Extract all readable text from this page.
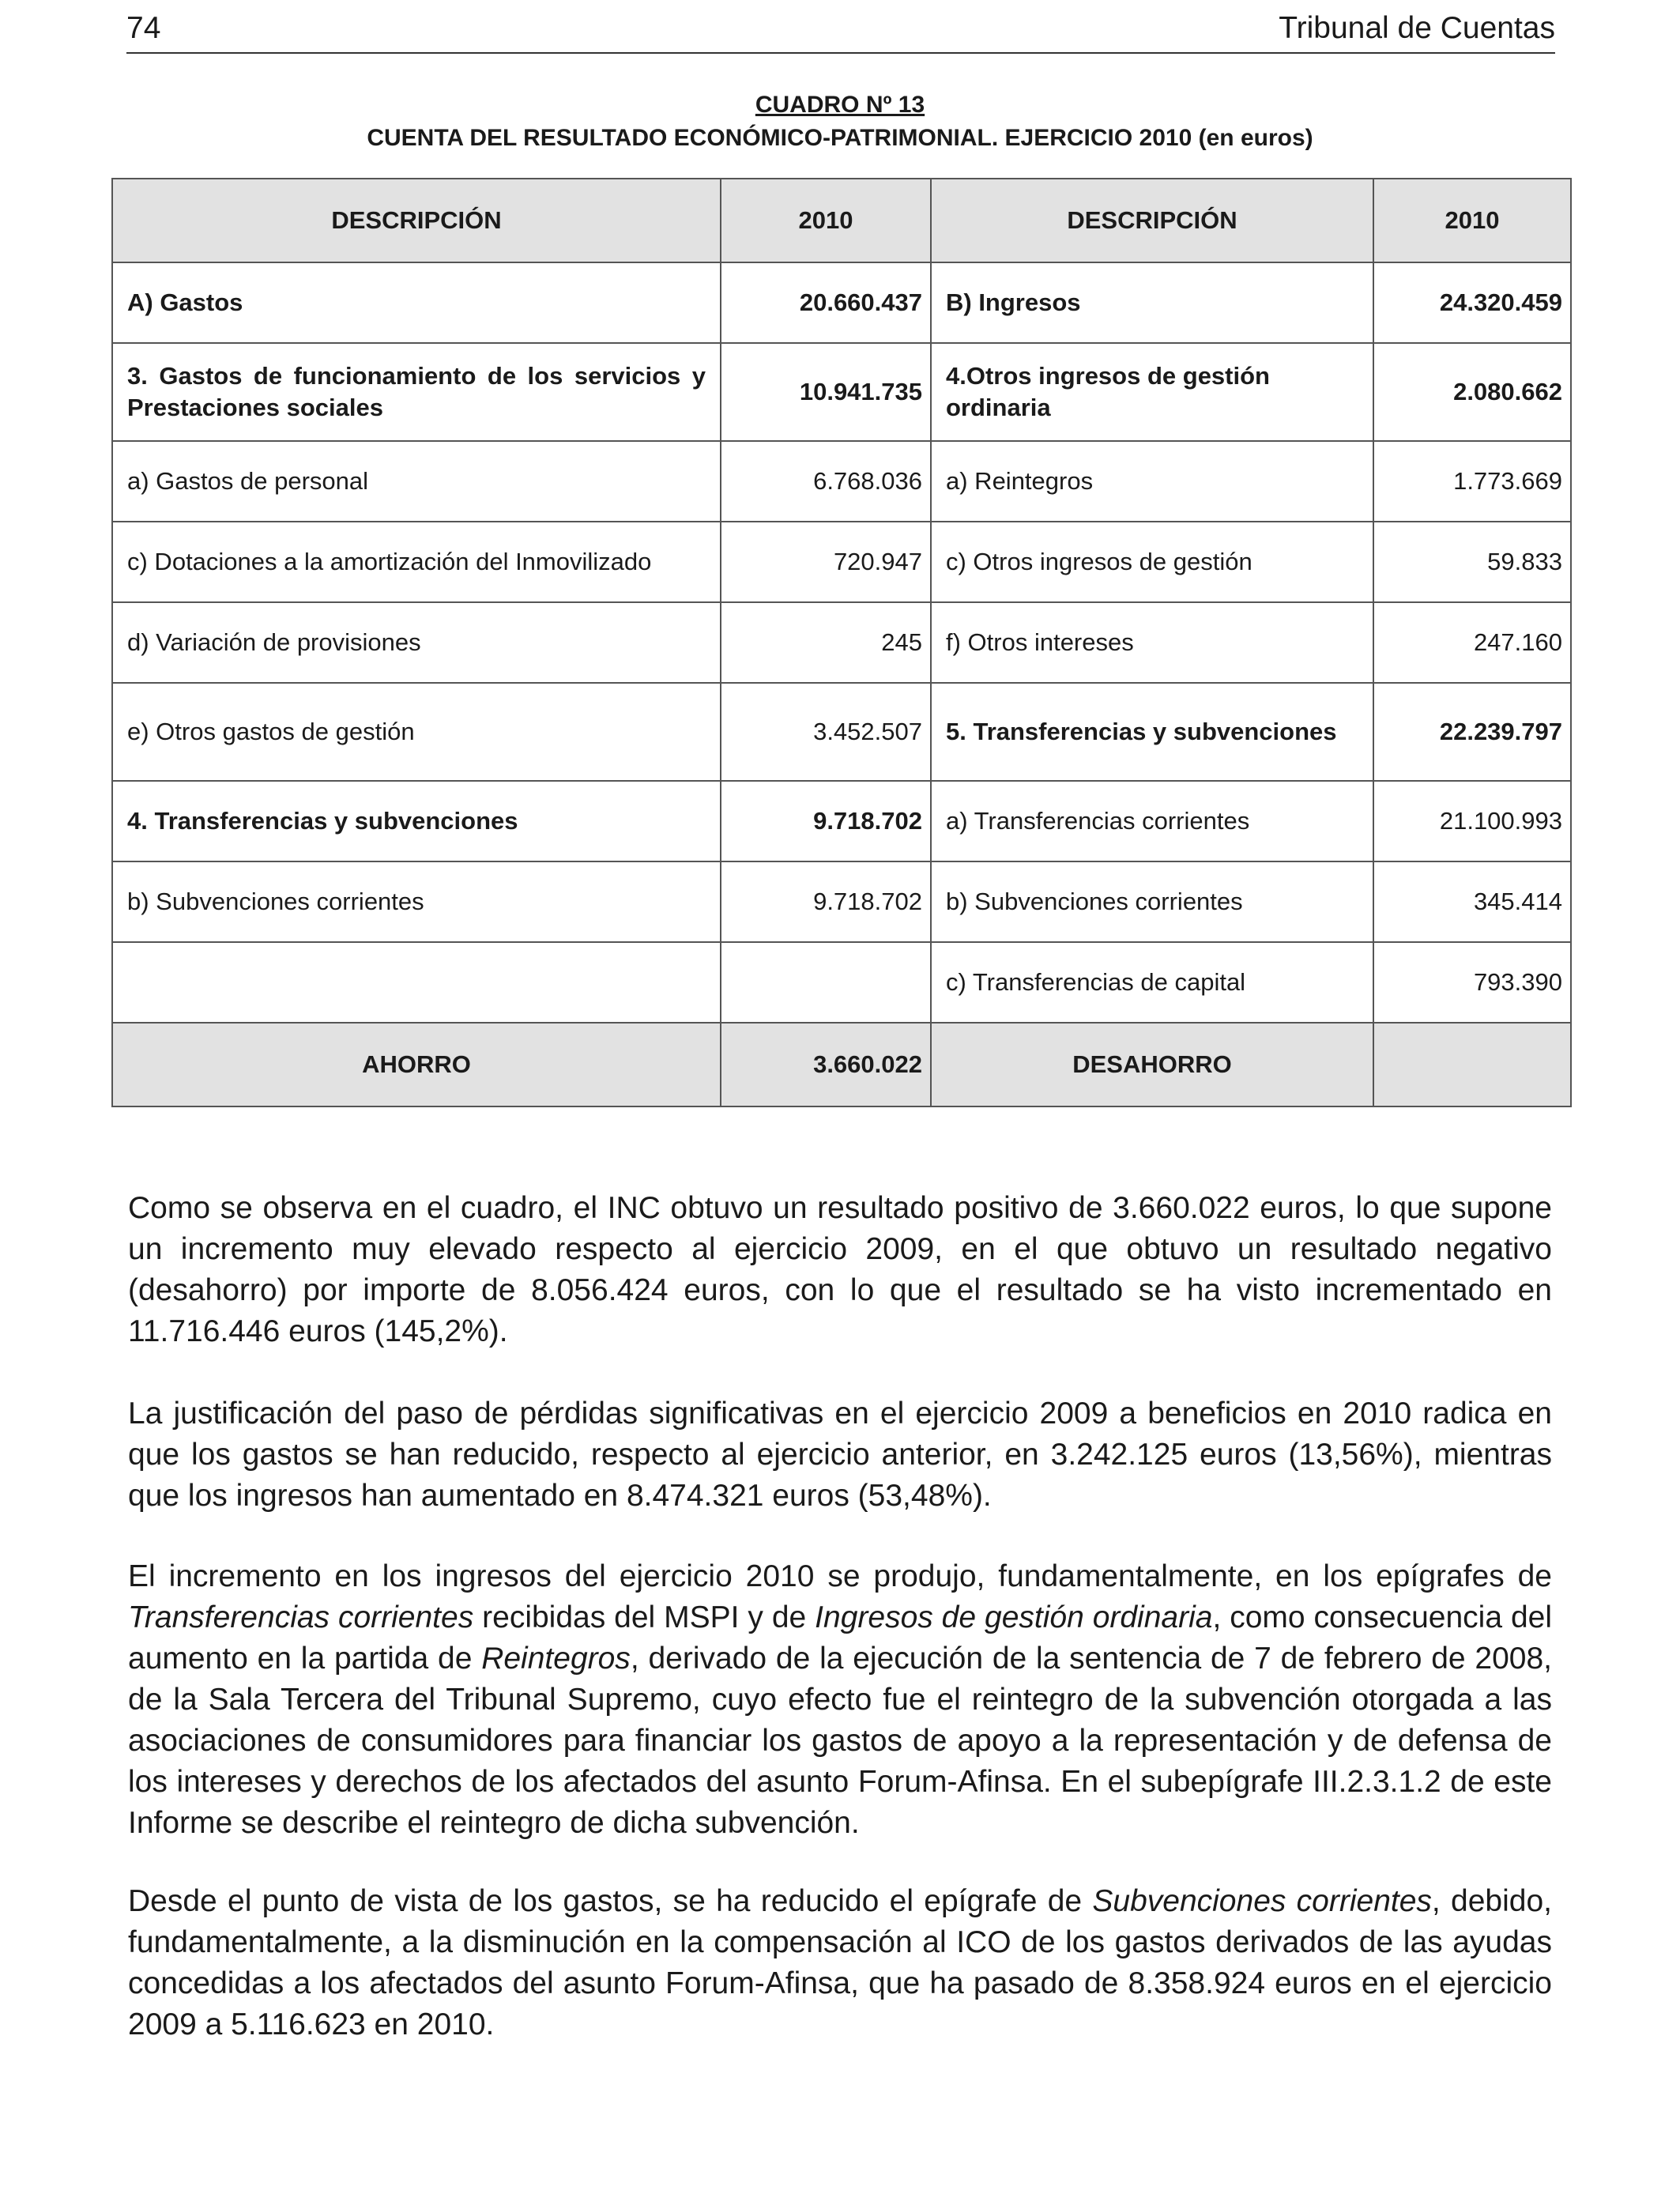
74	Tribunal de Cuentas
CUADRO Nº 13
CUENTA DEL RESULTADO ECONÓMICO-PATRIMONIAL. EJERCICIO 2010 (en euros)
DESCRIPCIÓN	2010	DESCRIPCIÓN	2010
A) Gastos	20.660.437	B) Ingresos	24.320.459
3. Gastos de funcionamiento de los servicios y Prestaciones sociales	10.941.735	4.Otros ingresos de gestión ordinaria	2.080.662
a) Gastos de personal	6.768.036	a) Reintegros	1.773.669
c) Dotaciones a la amortización del Inmovilizado	720.947	c) Otros ingresos de gestión	59.833
d) Variación de provisiones	245	f) Otros intereses	247.160
e) Otros gastos de gestión	3.452.507	5. Transferencias y subvenciones	22.239.797
4. Transferencias y subvenciones	9.718.702	a) Transferencias corrientes	21.100.993
b) Subvenciones corrientes	9.718.702	b) Subvenciones corrientes	345.414
		c) Transferencias de capital	793.390
AHORRO	3.660.022	DESAHORRO	

Como se observa en el cuadro, el INC obtuvo un resultado positivo de 3.660.022 euros, lo que supone un incremento muy elevado respecto al ejercicio 2009, en el que obtuvo un resultado negativo (desahorro) por importe de 8.056.424 euros, con lo que el resultado se ha visto incrementado en 11.716.446 euros (145,2%).

La justificación del paso de pérdidas significativas en el ejercicio 2009 a beneficios en 2010 radica en que los gastos se han reducido, respecto al ejercicio anterior, en 3.242.125 euros (13,56%), mientras que los ingresos han aumentado en 8.474.321 euros (53,48%).

El incremento en los ingresos del ejercicio 2010 se produjo, fundamentalmente, en los epígrafes de Transferencias corrientes recibidas del MSPI y de Ingresos de gestión ordinaria, como consecuencia del aumento en la partida de Reintegros, derivado de la ejecución de la sentencia de 7 de febrero de 2008, de la Sala Tercera del Tribunal Supremo, cuyo efecto fue el reintegro de la subvención otorgada a las asociaciones de consumidores para financiar los gastos de apoyo a la representación y de defensa de los intereses y derechos de los afectados del asunto Forum-Afinsa. En el subepígrafe III.2.3.1.2 de este Informe se describe el reintegro de dicha subvención.

Desde el punto de vista de los gastos, se ha reducido el epígrafe de Subvenciones corrientes, debido, fundamentalmente, a la disminución en la compensación al ICO de los gastos derivados de las ayudas concedidas a los afectados del asunto Forum-Afinsa, que ha pasado de 8.358.924 euros en el ejercicio 2009 a 5.116.623 en 2010.
